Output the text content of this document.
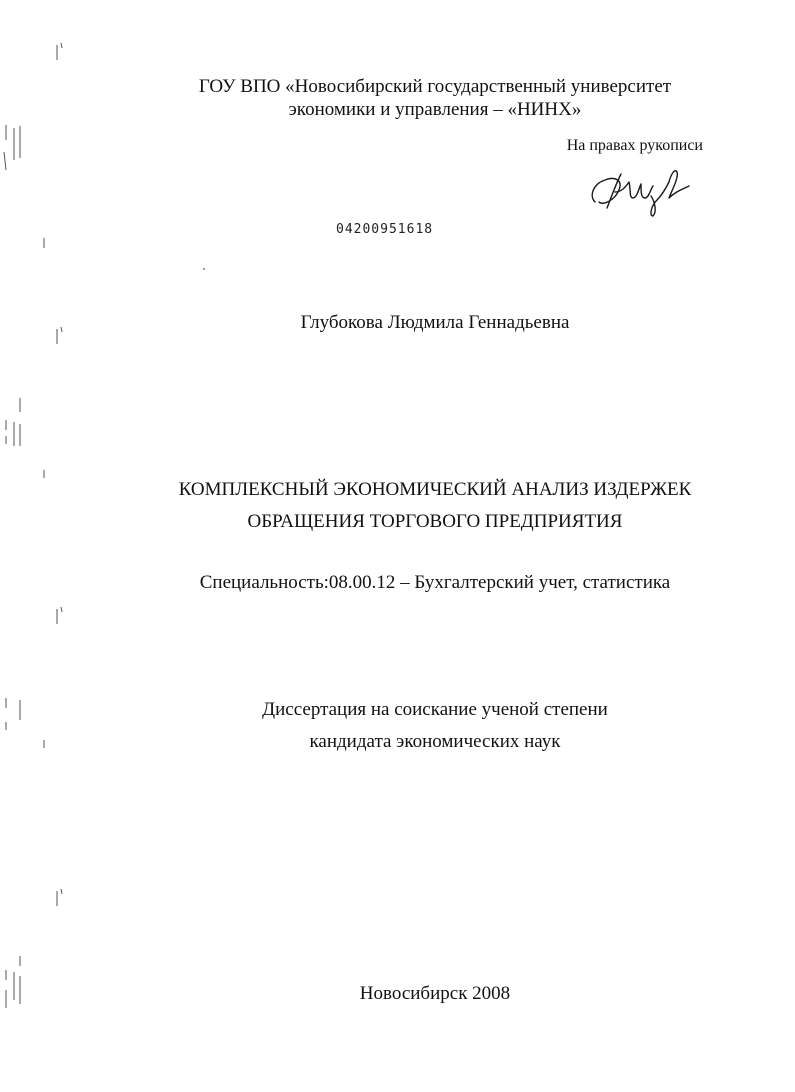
ГОУ ВПО «Новосибирский государственный университет
экономики и управления – «НИНХ»
На правах рукописи
04200951618
Глубокова Людмила Геннадьевна
КОМПЛЕКСНЫЙ ЭКОНОМИЧЕСКИЙ АНАЛИЗ ИЗДЕРЖЕК
ОБРАЩЕНИЯ ТОРГОВОГО ПРЕДПРИЯТИЯ
Специальность:08.00.12 – Бухгалтерский учет, статистика
Диссертация на соискание ученой степени
кандидата экономических наук
Новосибирск 2008
